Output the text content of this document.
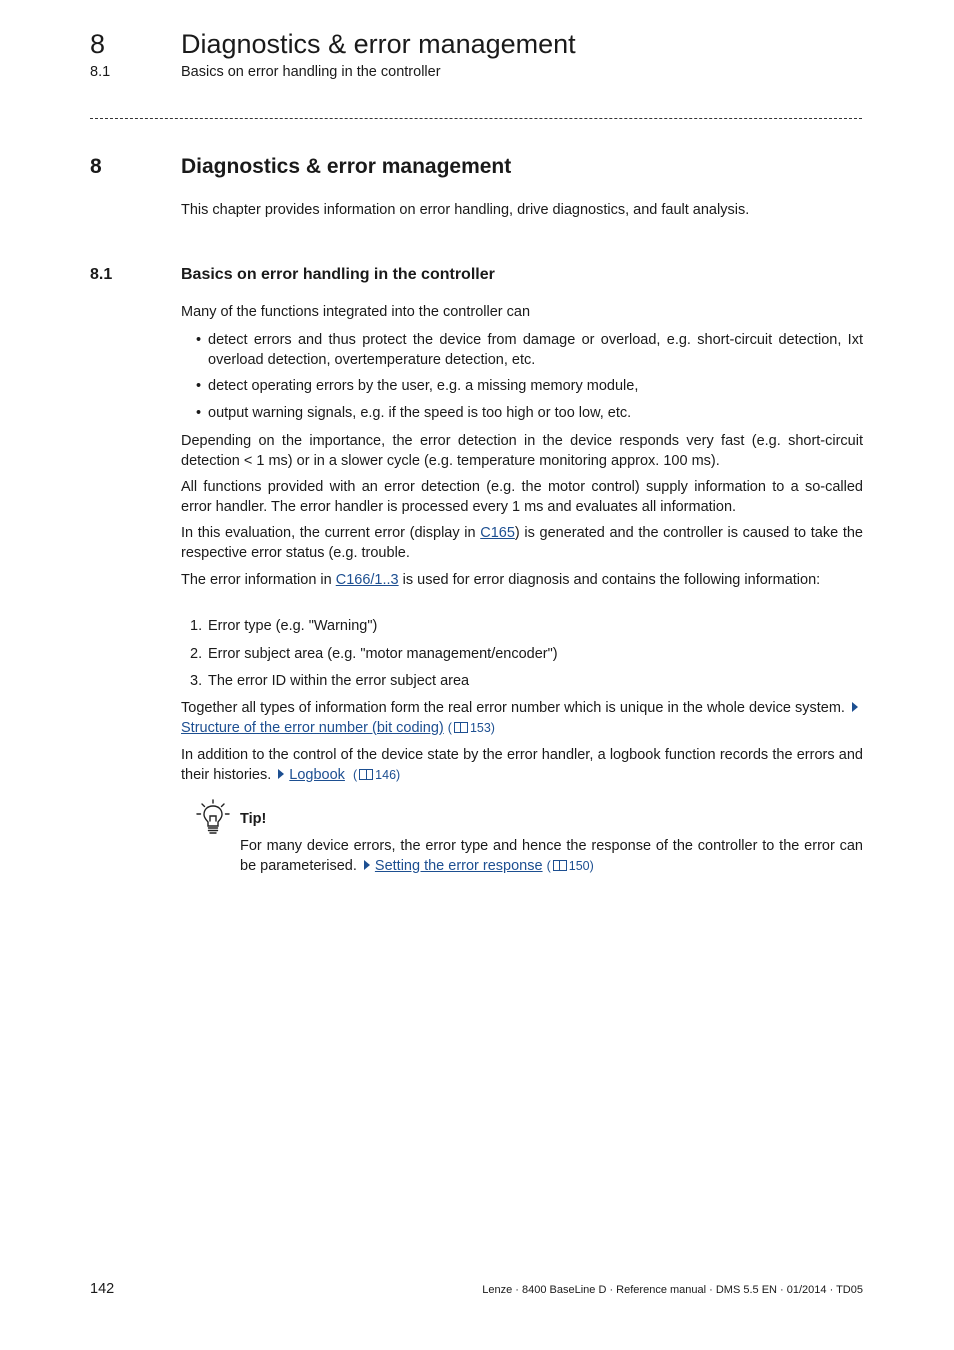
8	Diagnostics & error management
8.1	Basics on error handling in the controller
8	Diagnostics & error management

This chapter provides information on error handling, drive diagnostics, and fault analysis.

8.1	Basics on error handling in the controller

Many of the functions integrated into the controller can

• detect errors and thus protect the device from damage or overload, e.g. short-circuit detection, Ixt overload detection, overtemperature detection, etc.
• detect operating errors by the user, e.g. a missing memory module,
• output warning signals, e.g. if the speed is too high or too low, etc.

Depending on the importance, the error detection in the device responds very fast (e.g. short-circuit detection < 1 ms) or in a slower cycle (e.g. temperature monitoring approx. 100 ms).

All functions provided with an error detection (e.g. the motor control) supply information to a so-called error handler. The error handler is processed every 1 ms and evaluates all information.

In this evaluation, the current error (display in C165) is generated and the controller is caused to take the respective error status (e.g. trouble.

The error information in C166/1..3 is used for error diagnosis and contains the following information:

1. Error type (e.g. "Warning")
2. Error subject area (e.g. "motor management/encoder")
3. The error ID within the error subject area

Together all types of information form the real error number which is unique in the whole device system. Structure of the error number (bit coding) ( 153)

In addition to the control of the device state by the error handler, a logbook function records the errors and their histories. Logbook ( 146)

Tip!

For many device errors, the error type and hence the response of the controller to the error can be parameterised. Setting the error response ( 150)

142	Lenze · 8400 BaseLine D · Reference manual · DMS 5.5 EN · 01/2014 · TD05
